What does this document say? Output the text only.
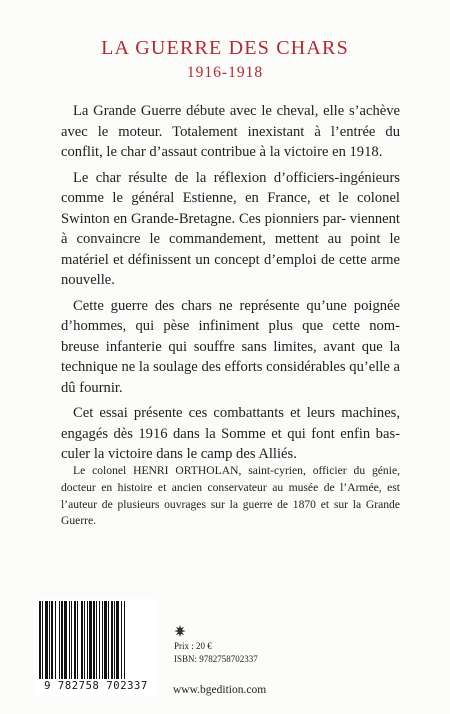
LA GUERRE DES CHARS
1916-1918

La Grande Guerre débute avec le cheval, elle s’achève avec le moteur. Totalement inexistant à l’entrée du conflit, le char d’assaut contribue à la victoire en 1918.

Le char résulte de la réflexion d’officiers-ingénieurs comme le général Estienne, en France, et le colonel Swinton en Grande-Bretagne. Ces pionniers par- viennent à convaincre le commandement, mettent au point le matériel et définissent un concept d’emploi de cette arme nouvelle.

Cette guerre des chars ne représente qu’une poignée d’hommes, qui pèse infiniment plus que cette nom- breuse infanterie qui souffre sans limites, avant que la technique ne la soulage des efforts considérables qu’elle a dû fournir.

Cet essai présente ces combattants et leurs machines, engagés dès 1916 dans la Somme et qui font enfin bas- culer la victoire dans le camp des Alliés.

Le colonel HENRI ORTHOLAN, saint-cyrien, officier du génie, docteur en histoire et ancien conservateur au musée de l’Armée, est l’auteur de plusieurs ouvrages sur la guerre de 1870 et sur la Grande Guerre.

9 782758 702337
Prix : 20 €
ISBN: 9782758702337
www.bgedition.com
